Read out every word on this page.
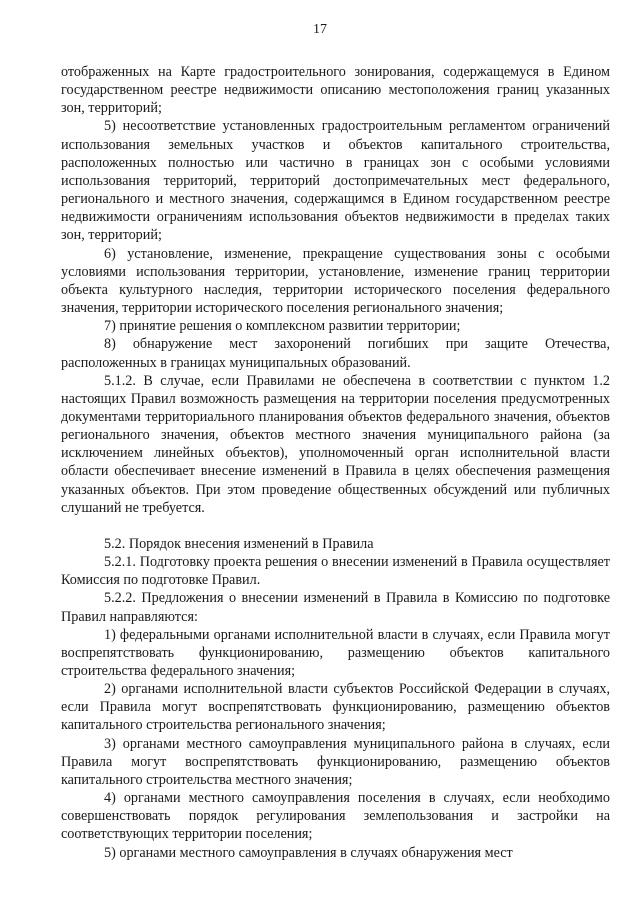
17

отображенных на Карте градостроительного зонирования, содержащемуся в Едином государственном реестре недвижимости описанию местоположения границ указанных зон, территорий;

5) несоответствие установленных градостроительным регламентом ограничений использования земельных участков и объектов капитального строительства, расположенных полностью или частично в границах зон с особыми условиями использования территорий, территорий достопримечательных мест федерального, регионального и местного значения, содержащимся в Едином государственном реестре недвижимости ограничениям использования объектов недвижимости в пределах таких зон, территорий;

6) установление, изменение, прекращение существования зоны с особыми условиями использования территории, установление, изменение границ территории объекта культурного наследия, территории исторического поселения федерального значения, территории исторического поселения регионального значения;

7) принятие решения о комплексном развитии территории;

8) обнаружение мест захоронений погибших при защите Отечества, расположенных в границах муниципальных образований.

5.1.2. В случае, если Правилами не обеспечена в соответствии с пунктом 1.2 настоящих Правил возможность размещения на территории поселения предусмотренных документами территориального планирования объектов федерального значения, объектов регионального значения, объектов местного значения муниципального района (за исключением линейных объектов), уполномоченный орган исполнительной власти области обеспечивает внесение изменений в Правила в целях обеспечения размещения указанных объектов. При этом проведение общественных обсуждений или публичных слушаний не требуется.

5.2. Порядок внесения изменений в Правила

5.2.1. Подготовку проекта решения о внесении изменений в Правила осуществляет Комиссия по подготовке Правил.

5.2.2. Предложения о внесении изменений в Правила в Комиссию по подготовке Правил направляются:

1) федеральными органами исполнительной власти в случаях, если Правила могут воспрепятствовать функционированию, размещению объектов капитального строительства федерального значения;

2) органами исполнительной власти субъектов Российской Федерации в случаях, если Правила могут воспрепятствовать функционированию, размещению объектов капитального строительства регионального значения;

3) органами местного самоуправления муниципального района в случаях, если Правила могут воспрепятствовать функционированию, размещению объектов капитального строительства местного значения;

4) органами местного самоуправления поселения в случаях, если необходимо совершенствовать порядок регулирования землепользования и застройки на соответствующих территории поселения;

5) органами местного самоуправления в случаях обнаружения мест
